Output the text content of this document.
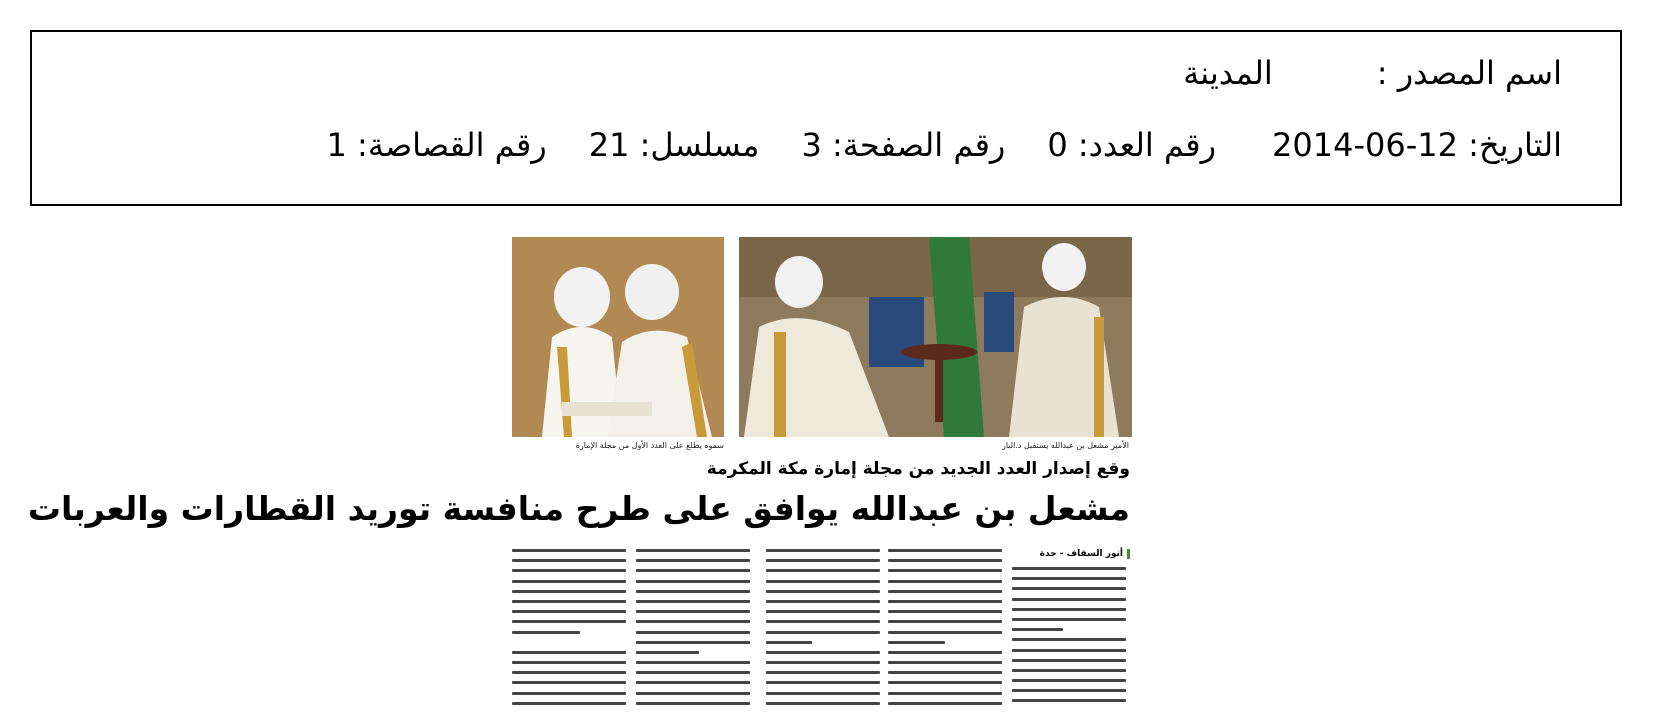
اسم المصدر :المدينة
التاريخ: 2014-06-12رقم العدد: 0رقم الصفحة: 3مسلسل: 21رقم القصاصة: 1
سموه يطلع على العدد الأول من مجلة الإمارة	الأمير مشعل بن عبدالله يستقبل د.البار
وقع إصدار العدد الجديد من مجلة إمارة مكة المكرمة
مشعل بن عبدالله يوافق على طرح منافسة توريد القطارات والعربات
أنور السقاف - جدة
